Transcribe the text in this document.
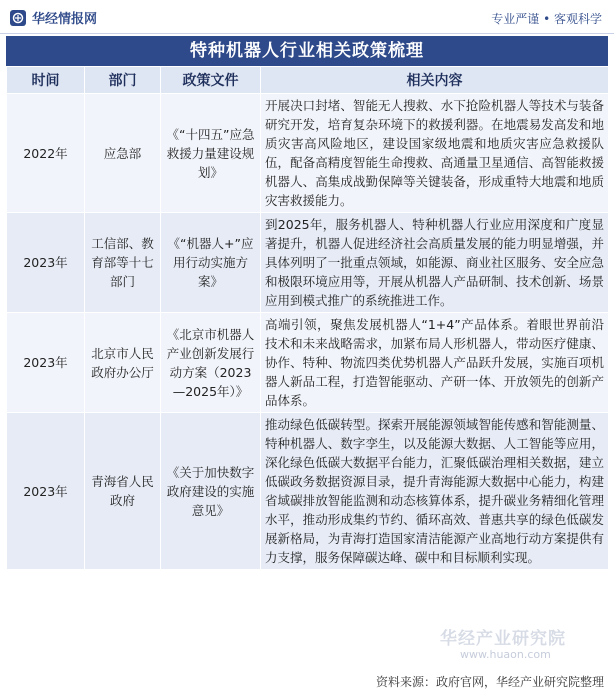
华经情报网	专业严谨 • 客观科学
特种机器人行业相关政策梳理
时间	部门	政策文件	相关内容
2022年	应急部	《“十四五”应急救援力量建设规划》	开展决口封堵、智能无人搜救、水下抢险机器人等技术与装备研究开发，培育复杂环境下的救援利器。在地震易发高发和地质灾害高风险地区，建设国家级地震和地质灾害应急救援队伍，配备高精度智能生命搜救、高通量卫星通信、高智能救援机器人、高集成战勤保障等关键装备，形成重特大地震和地质灾害救援能力。
2023年	工信部、教育部等十七部门	《“机器人+”应用行动实施方案》	到2025年，服务机器人、特种机器人行业应用深度和广度显著提升，机器人促进经济社会高质量发展的能力明显增强，并具体列明了一批重点领域，如能源、商业社区服务、安全应急和极限环境应用等，开展从机器人产品研制、技术创新、场景应用到模式推广的系统推进工作。
2023年	北京市人民政府办公厅	《北京市机器人产业创新发展行动方案（2023—2025年）》	高端引领，聚焦发展机器人“1+4”产品体系。着眼世界前沿技术和未来战略需求，加紧布局人形机器人，带动医疗健康、协作、特种、物流四类优势机器人产品跃升发展，实施百项机器人新品工程，打造智能驱动、产研一体、开放领先的创新产品体系。
2023年	青海省人民政府	《关于加快数字政府建设的实施意见》	推动绿色低碳转型。探索开展能源领域智能传感和智能测量、特种机器人、数字孪生，以及能源大数据、人工智能等应用，深化绿色低碳大数据平台能力，汇聚低碳治理相关数据，建立低碳政务数据资源目录，提升青海能源大数据中心能力，构建省域碳排放智能监测和动态核算体系，提升碳业务精细化管理水平，推动形成集约节约、循环高效、普惠共享的绿色低碳发展新格局，为青海打造国家清洁能源产业高地行动方案提供有力支撑，服务保障碳达峰、碳中和目标顺利实现。
华经产业研究院
www.huaon.com
资料来源：政府官网，华经产业研究院整理
